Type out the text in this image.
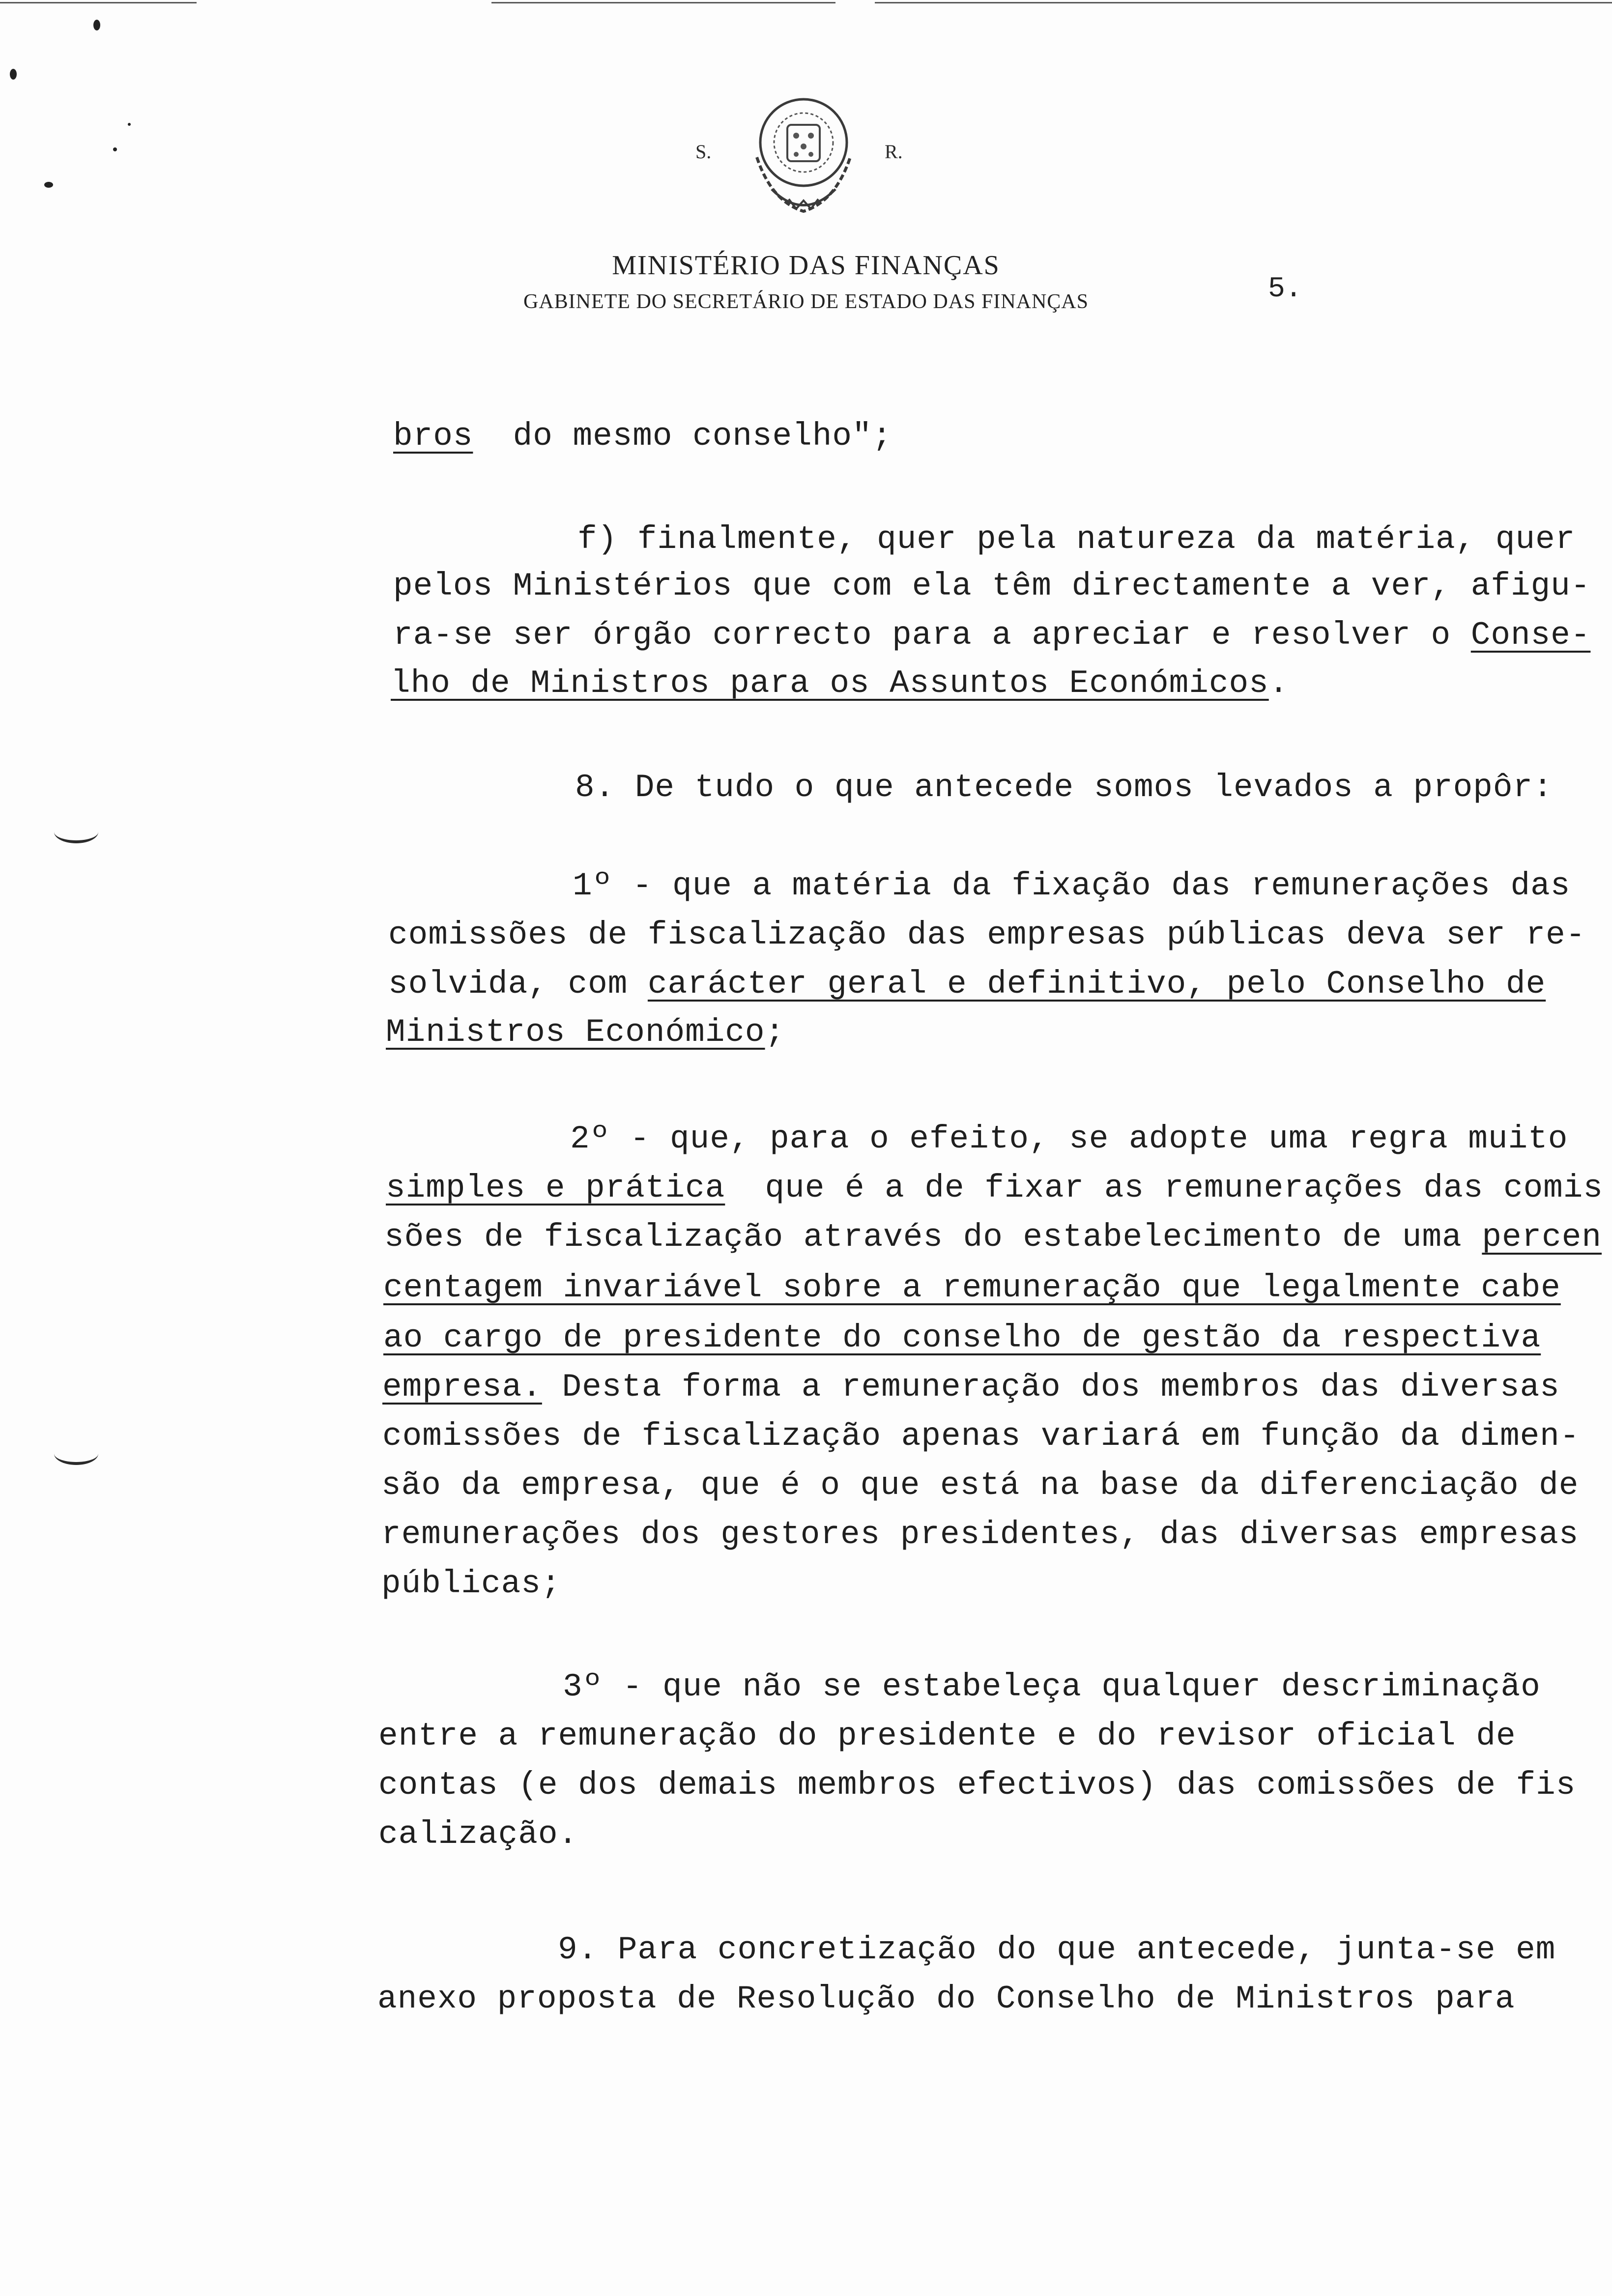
S.	R.
MINISTÉRIO DAS FINANÇAS
GABINETE DO SECRETÁRIO DE ESTADO DAS FINANÇAS	5.
bros  do mesmo conselho";
f) finalmente, quer pela natureza da matéria, quer
pelos Ministérios que com ela têm directamente a ver, afigu-
ra-se ser órgão correcto para a apreciar e resolver o Conse-
lho de Ministros para os Assuntos Económicos.
8. De tudo o que antecede somos levados a propôr:
1º - que a matéria da fixação das remunerações das
comissões de fiscalização das empresas públicas deva ser re-
solvida, com carácter geral e definitivo, pelo Conselho de
Ministros Económico;
2º - que, para o efeito, se adopte uma regra muito
simples e prática  que é a de fixar as remunerações das comis
sões de fiscalização através do estabelecimento de uma percen
centagem invariável sobre a remuneração que legalmente cabe
ao cargo de presidente do conselho de gestão da respectiva
empresa. Desta forma a remuneração dos membros das diversas
comissões de fiscalização apenas variará em função da dimen-
são da empresa, que é o que está na base da diferenciação de
remunerações dos gestores presidentes, das diversas empresas
públicas;
3º - que não se estabeleça qualquer descriminação
entre a remuneração do presidente e do revisor oficial de
contas (e dos demais membros efectivos) das comissões de fis
calização.
9. Para concretização do que antecede, junta-se em
anexo proposta de Resolução do Conselho de Ministros para
